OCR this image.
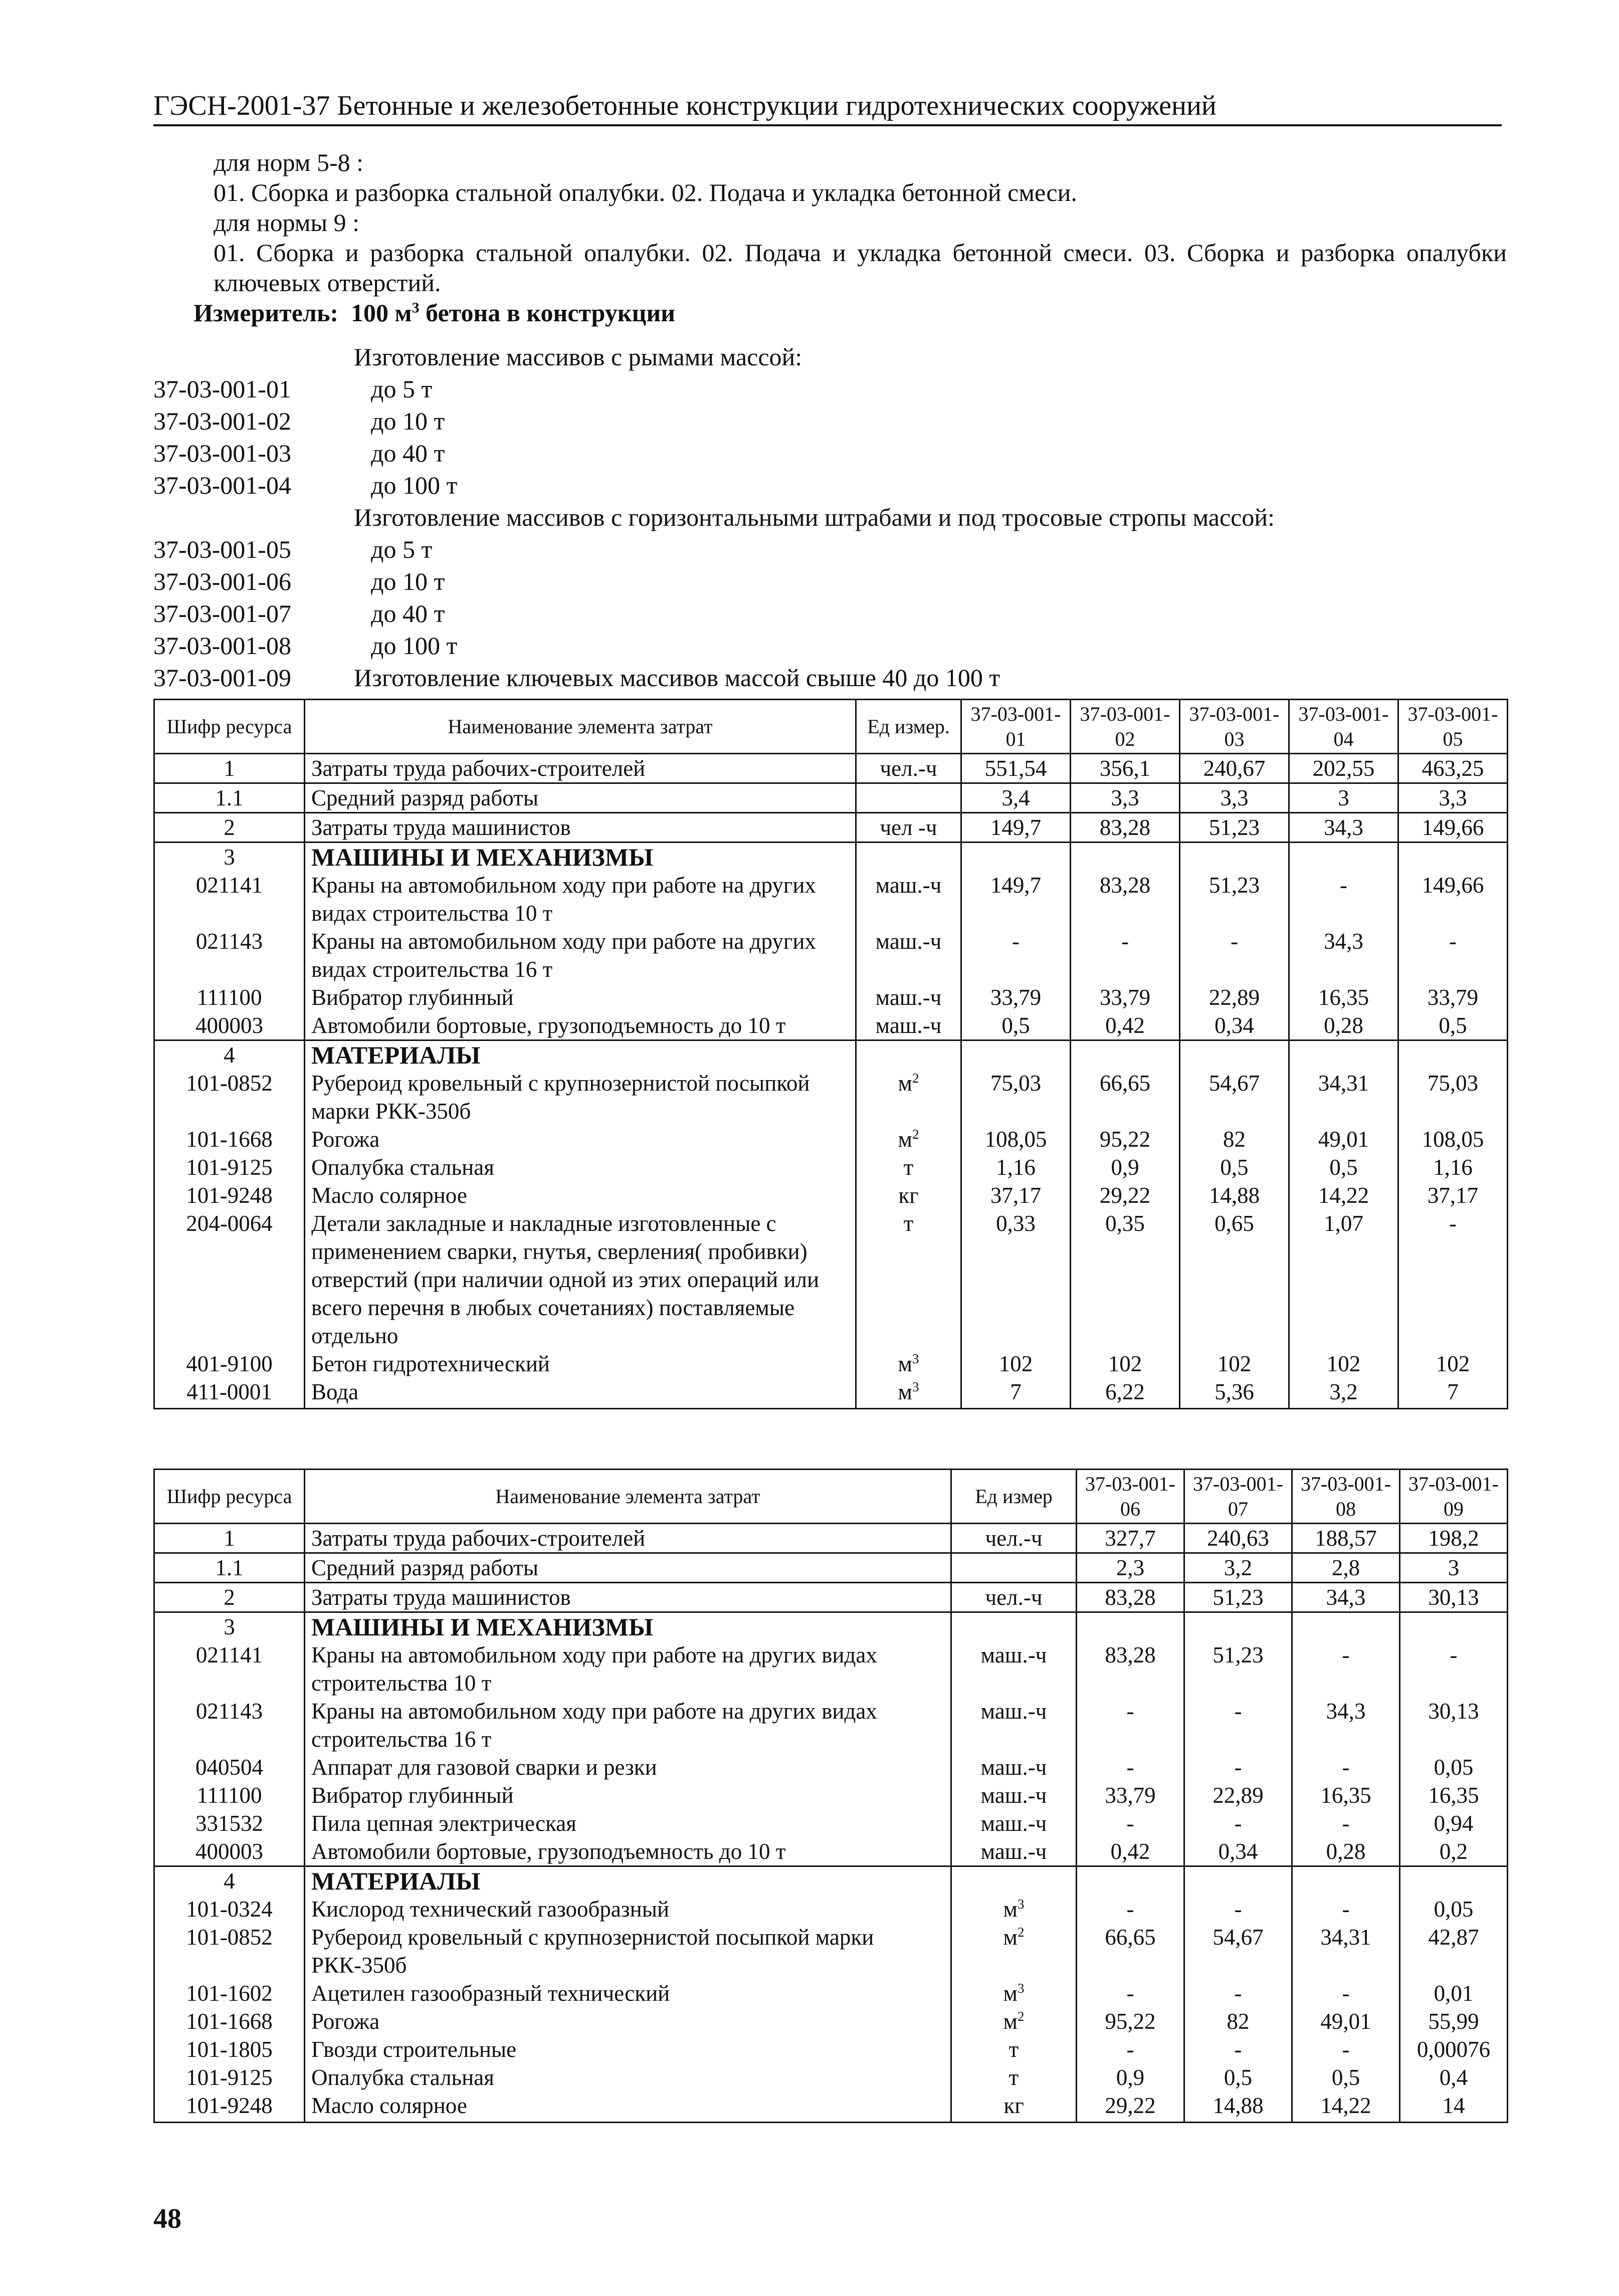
ГЭСН-2001-37 Бетонные и железобетонные конструкции гидротехнических сооружений

для норм 5-8 :

01. Сборка и разборка стальной опалубки. 02. Подача и укладка бетонной смеси.

для нормы 9 :

01. Сборка и разборка стальной опалубки. 02. Подача и укладка бетонной смеси. 03. Сборка и разборка опалубки ключевых отверстий.

Измеритель: 100 $м^3$ бетона в конструкции

Изготовление массивов с рымами массой:
37-03-001-01	до 5 т
37-03-001-02	до 10 т
37-03-001-03	до 40 т
37-03-001-04	до 100 т
Изготовление массивов с горизонтальными штрабами и под тросовые стропы массой:
37-03-001-05	до 5 т
37-03-001-06	до 10 т
37-03-001-07	до 40 т
37-03-001-08	до 100 т
37-03-001-09	Изготовление ключевых массивов массой свыше 40 до 100 т
Шифр ресурса	Наименование элемента затрат	Ед измер.	37-03-001-01	37-03-001-02	37-03-001-03	37-03-001-04	37-03-001-05
1	Затраты труда рабочих-строителей	чел.-ч	551,54	356,1	240,67	202,55	463,25
1.1	Средний разряд работы		3,4	3,3	3,3	3	3,3
2	Затраты труда машинистов	чел -ч	149,7	83,28	51,23	34,3	149,66
3	МАШИНЫ И МЕХАНИЗМЫ						
021141	Краны на автомобильном ходу при работе на других видах строительства 10 т	маш.-ч	149,7	83,28	51,23	-	149,66
021143	Краны на автомобильном ходу при работе на других видах строительства 16 т	маш.-ч	-	-	-	34,3	-
111100	Вибратор глубинный	маш.-ч	33,79	33,79	22,89	16,35	33,79
400003	Автомобили бортовые, грузоподъемность до 10 т	маш.-ч	0,5	0,42	0,34	0,28	0,5
4	МАТЕРИАЛЫ						
101-0852	Рубероид кровельный с крупнозернистой посыпкой марки РКК-350б	$м^2$	75,03	66,65	54,67	34,31	75,03
101-1668	Рогожа	$м^2$	108,05	95,22	82	49,01	108,05
101-9125	Опалубка стальная	т	1,16	0,9	0,5	0,5	1,16
101-9248	Масло солярное	кг	37,17	29,22	14,88	14,22	37,17
204-0064	Детали закладные и накладные изготовленные с применением сварки, гнутья, сверления( пробивки) отверстий (при наличии одной из этих операций или всего перечня в любых сочетаниях) поставляемые отдельно	т	0,33	0,35	0,65	1,07	-
401-9100	Бетон гидротехнический	$м^3$	102	102	102	102	102
411-0001	Вода	$м^3$	7	6,22	5,36	3,2	7
Шифр ресурса	Наименование элемента затрат	Ед измер	37-03-001-06	37-03-001-07	37-03-001-08	37-03-001-09
1	Затраты труда рабочих-строителей	чел.-ч	327,7	240,63	188,57	198,2
1.1	Средний разряд работы		2,3	3,2	2,8	3
2	Затраты труда машинистов	чел.-ч	83,28	51,23	34,3	30,13
3	МАШИНЫ И МЕХАНИЗМЫ					
021141	Краны на автомобильном ходу при работе на других видах строительства 10 т	маш.-ч	83,28	51,23	-	-
021143	Краны на автомобильном ходу при работе на других видах строительства 16 т	маш.-ч	-	-	34,3	30,13
040504	Аппарат для газовой сварки и резки	маш.-ч	-	-	-	0,05
111100	Вибратор глубинный	маш.-ч	33,79	22,89	16,35	16,35
331532	Пила цепная электрическая	маш.-ч	-	-	-	0,94
400003	Автомобили бортовые, грузоподъемность до 10 т	маш.-ч	0,42	0,34	0,28	0,2
4	МАТЕРИАЛЫ					
101-0324	Кислород технический газообразный	$м^3$	-	-	-	0,05
101-0852	Рубероид кровельный с крупнозернистой посыпкой марки РКК-350б	$м^2$	66,65	54,67	34,31	42,87
101-1602	Ацетилен газообразный технический	$м^3$	-	-	-	0,01
101-1668	Рогожа	$м^2$	95,22	82	49,01	55,99
101-1805	Гвозди строительные	т	-	-	-	0,00076
101-9125	Опалубка стальная	т	0,9	0,5	0,5	0,4
101-9248	Масло солярное	кг	29,22	14,88	14,22	14
48
